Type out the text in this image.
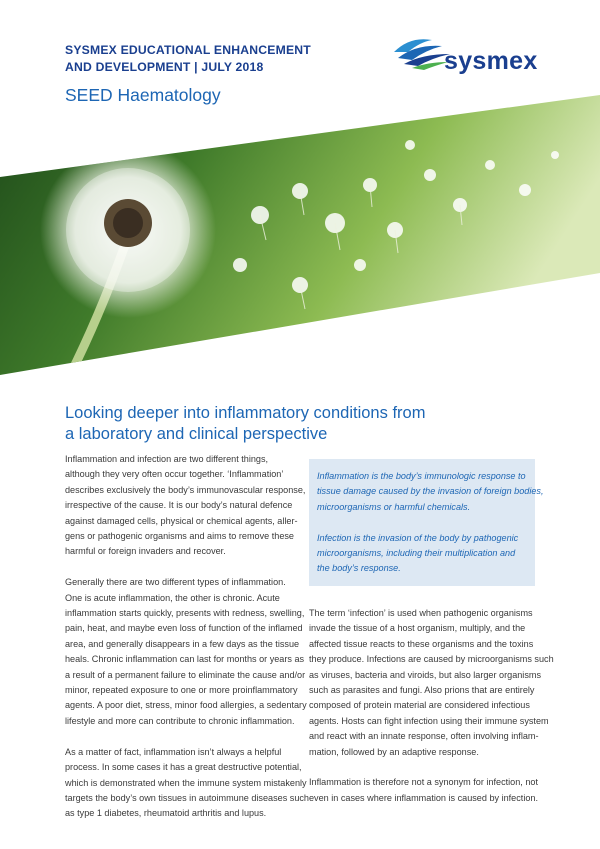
SYSMEX EDUCATIONAL ENHANCEMENT
AND DEVELOPMENT | JULY 2018
SEED Haematology
sysmex
Looking deeper into inflammatory conditions from
a laboratory and clinical perspective

Inflammation and infection are two different things,
although they very often occur together. ‘Inflammation’
describes exclusively the body’s immunovascular response,
irrespective of the cause. It is our body’s natural defence
against damaged cells, physical or chemical agents, aller-
gens or pathogenic organisms and aims to remove these
harmful or foreign invaders and recover.

Generally there are two different types of inflammation.
One is acute inflammation, the other is chronic. Acute
inflammation starts quickly, presents with redness, swelling,
pain, heat, and maybe even loss of function of the inflamed
area, and generally disappears in a few days as the tissue
heals. Chronic inflammation can last for months or years as
a result of a permanent failure to eliminate the cause and/or
minor, repeated exposure to one or more proinflammatory
agents. A poor diet, stress, minor food allergies, a sedentary
lifestyle and more can contribute to chronic inflammation.

As a matter of fact, inflammation isn’t always a helpful
process. In some cases it has a great destructive potential,
which is demonstrated when the immune system mistakenly
targets the body’s own tissues in autoimmune diseases such
as type 1 diabetes, rheumatoid arthritis and lupus.

Inflammation is the body’s immunologic response to
tissue damage caused by the invasion of foreign bodies,
microorganisms or harmful chemicals.

Infection is the invasion of the body by pathogenic
microorganisms, including their multiplication and
the body’s response.

The term ‘infection’ is used when pathogenic organisms
invade the tissue of a host organism, multiply, and the
affected tissue reacts to these organisms and the toxins
they produce. Infections are caused by microorganisms such
as viruses, bacteria and viroids, but also larger organisms
such as parasites and fungi. Also prions that are entirely
composed of protein material are considered infectious
agents. Hosts can fight infection using their immune system
and react with an innate response, often involving inflam-
mation, followed by an adaptive response.

Inflammation is therefore not a synonym for infection, not
even in cases where inflammation is caused by infection.
